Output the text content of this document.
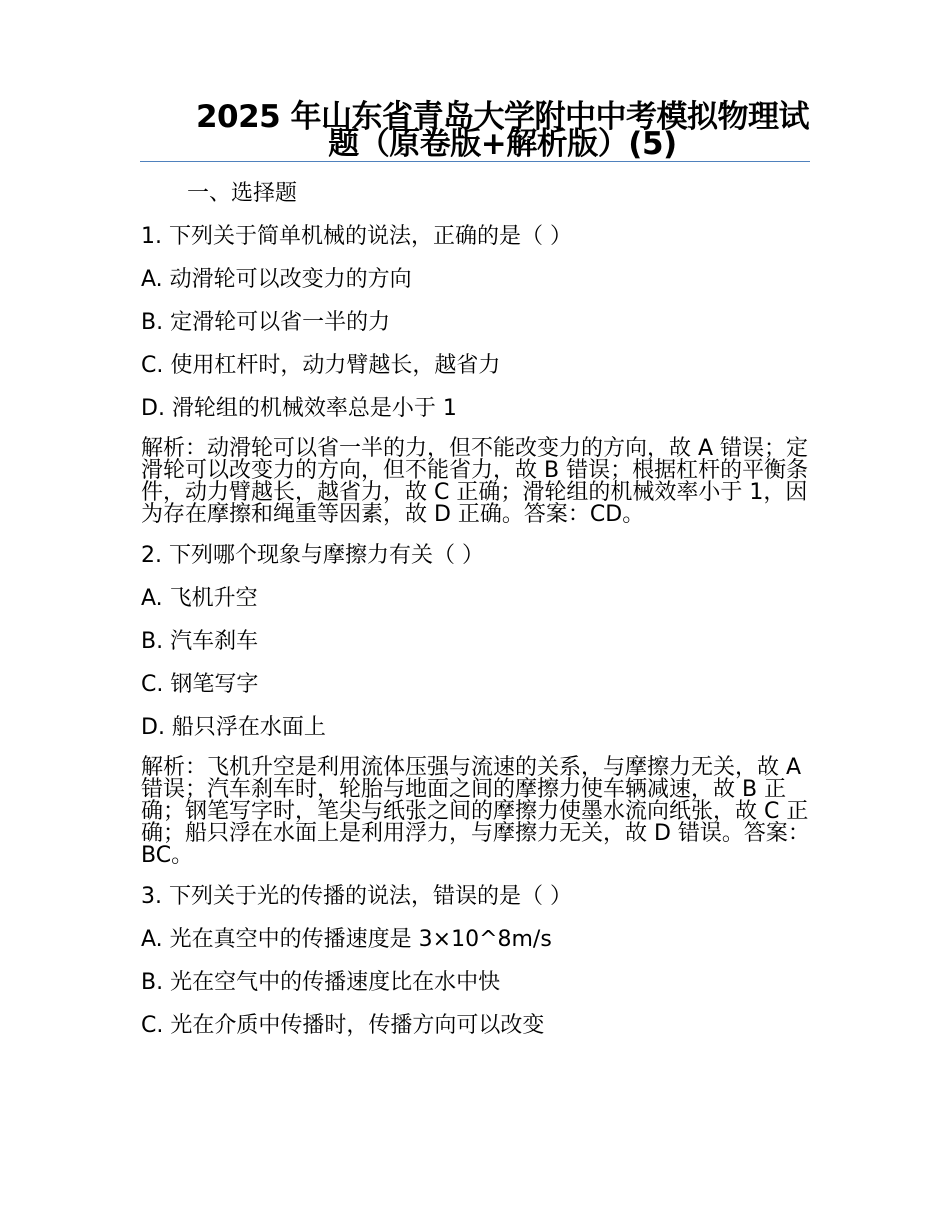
2025 年山东省青岛大学附中中考模拟物理试题（原卷版+解析版）(5)
一、选择题
1. 下列关于简单机械的说法，正确的是（ ）
A. 动滑轮可以改变力的方向
B. 定滑轮可以省一半的力
C. 使用杠杆时，动力臂越长，越省力
D. 滑轮组的机械效率总是小于 1
解析：动滑轮可以省一半的力，但不能改变力的方向，故 A 错误；定滑轮可以改变力的方向，但不能省力，故 B 错误；根据杠杆的平衡条件，动力臂越长，越省力，故 C 正确；滑轮组的机械效率小于 1，因为存在摩擦和绳重等因素，故 D 正确。答案：CD。
2. 下列哪个现象与摩擦力有关（ ）
A. 飞机升空
B. 汽车刹车
C. 钢笔写字
D. 船只浮在水面上
解析：飞机升空是利用流体压强与流速的关系，与摩擦力无关，故 A 错误；汽车刹车时，轮胎与地面之间的摩擦力使车辆减速，故 B 正确；钢笔写字时，笔尖与纸张之间的摩擦力使墨水流向纸张，故 C 正确；船只浮在水面上是利用浮力，与摩擦力无关，故 D 错误。答案：BC。
3. 下列关于光的传播的说法，错误的是（ ）
A. 光在真空中的传播速度是 3×10^8m/s
B. 光在空气中的传播速度比在水中快
C. 光在介质中传播时，传播方向可以改变
